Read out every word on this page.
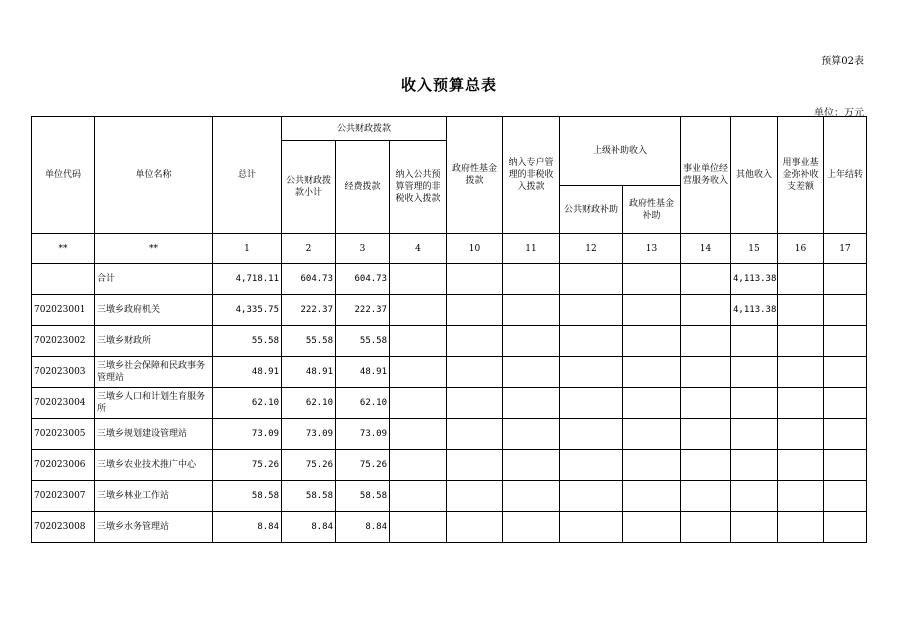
预算02表
收入预算总表
单位：万元
单位代码	单位名称	总计	公共财政拨款			政府性基金拨款	纳入专户管理的非税收入拨款	上级补助收入		事业单位经营服务收入	其他收入	用事业基金弥补收支差额	上年结转
			公共财政拨款小计	经费拨款	纳入公共预算管理的非税收入拨款								
								公共财政补助	政府性基金补助				
**	**	1	2	3	4	10	11	12	13	14	15	16	17
	合计	4,718.11	604.73	604.73							4,113.38		
702023001	三墩乡政府机关	4,335.75	222.37	222.37							4,113.38		
702023002	三墩乡财政所	55.58	55.58	55.58									
702023003	三墩乡社会保障和民政事务管理站	48.91	48.91	48.91									
702023004	三墩乡人口和计划生育服务所	62.10	62.10	62.10									
702023005	三墩乡规划建设管理站	73.09	73.09	73.09									
702023006	三墩乡农业技术推广中心	75.26	75.26	75.26									
702023007	三墩乡林业工作站	58.58	58.58	58.58									
702023008	三墩乡水务管理站	8.84	8.84	8.84									
